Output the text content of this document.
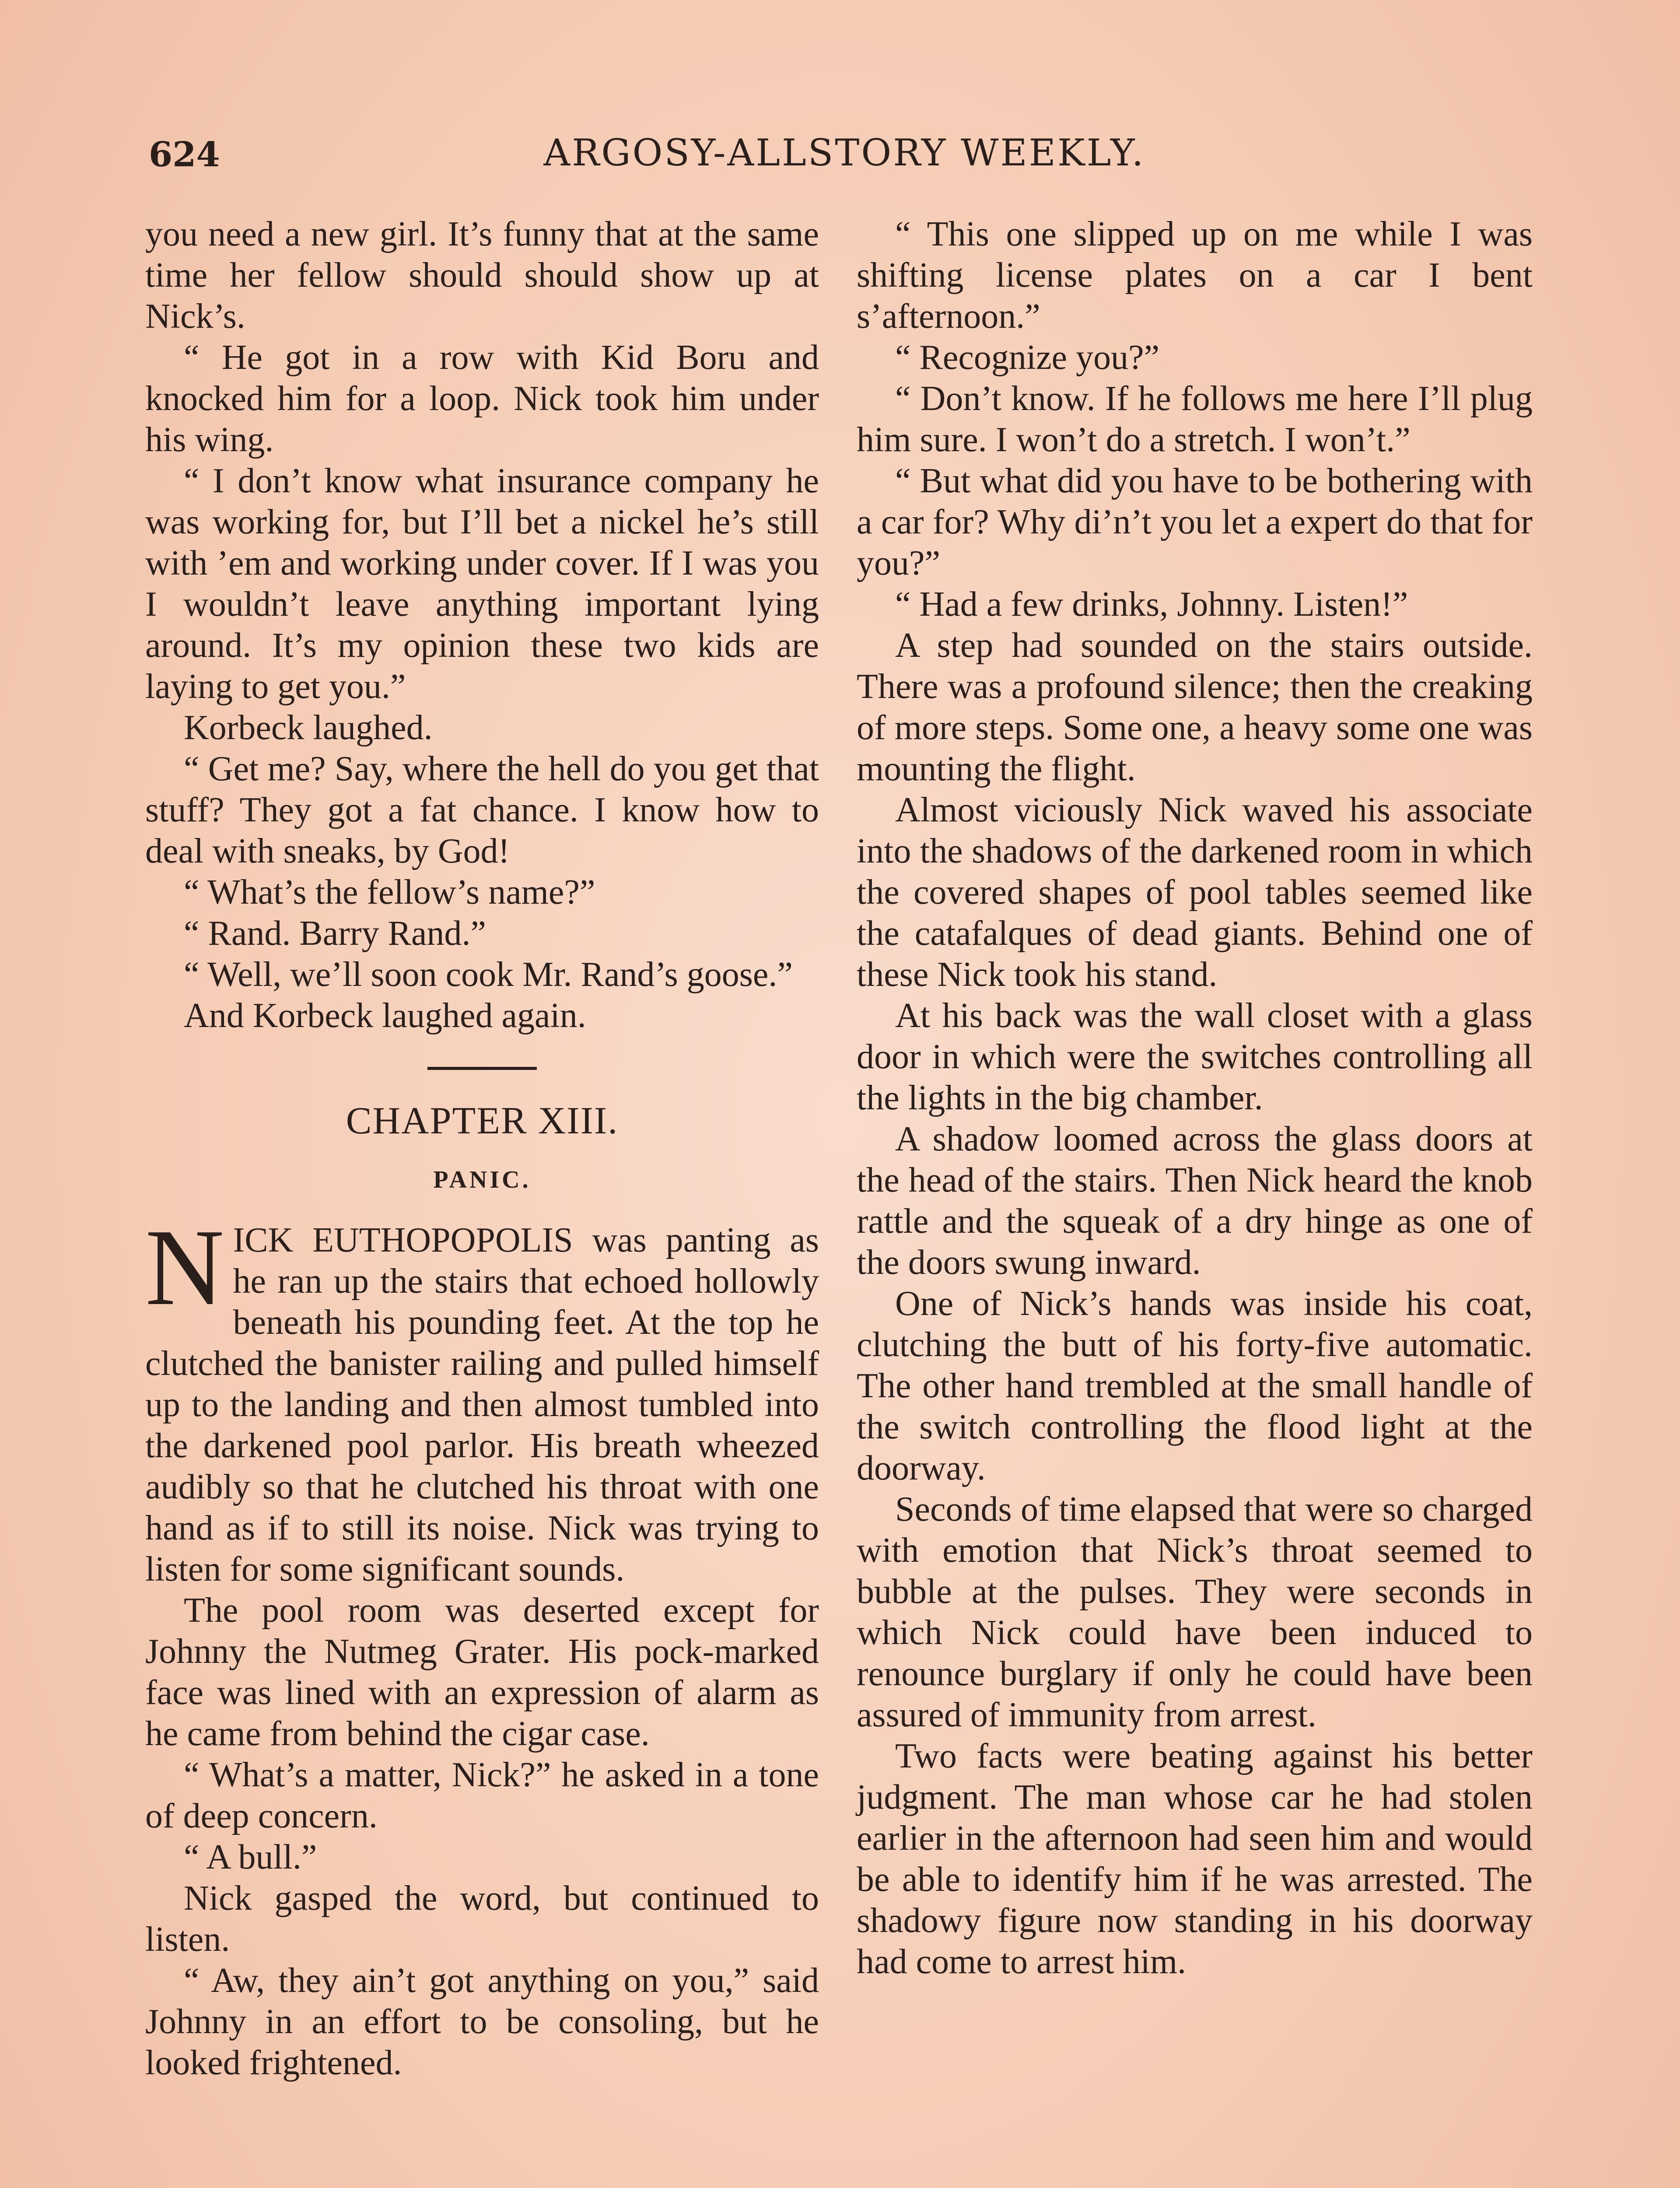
624	ARGOSY-ALLSTORY WEEKLY.

you need a new girl. It’s funny that at the same time her fellow should should show up at Nick’s.

“ He got in a row with Kid Boru and knocked him for a loop. Nick took him under his wing.

“ I don’t know what insurance company he was working for, but I’ll bet a nickel he’s still with ’em and working under cover. If I was you I wouldn’t leave anything important lying around. It’s my opinion these two kids are laying to get you.”

Korbeck laughed.

“ Get me? Say, where the hell do you get that stuff? They got a fat chance. I know how to deal with sneaks, by God!

“ What’s the fellow’s name?”

“ Rand. Barry Rand.”

“ Well, we’ll soon cook Mr. Rand’s goose.”

And Korbeck laughed again.

CHAPTER XIII.
PANIC.

NICK EUTHOPOPOLIS was panting as he ran up the stairs that echoed hollowly beneath his pounding feet. At the top he clutched the banister railing and pulled himself up to the landing and then almost tumbled into the darkened pool parlor. His breath wheezed audibly so that he clutched his throat with one hand as if to still its noise. Nick was trying to listen for some significant sounds.

The pool room was deserted except for Johnny the Nutmeg Grater. His pock-marked face was lined with an expression of alarm as he came from behind the cigar case.

“ What’s a matter, Nick?” he asked in a tone of deep concern.

“ A bull.”

Nick gasped the word, but continued to listen.

“ Aw, they ain’t got anything on you,” said Johnny in an effort to be consoling, but he looked frightened.

“ This one slipped up on me while I was shifting license plates on a car I bent s’afternoon.”

“ Recognize you?”

“ Don’t know. If he follows me here I’ll plug him sure. I won’t do a stretch. I won’t.”

“ But what did you have to be bothering with a car for? Why di’n’t you let a expert do that for you?”

“ Had a few drinks, Johnny. Listen!”

A step had sounded on the stairs outside. There was a profound silence; then the creaking of more steps. Some one, a heavy some one was mounting the flight.

Almost viciously Nick waved his associate into the shadows of the darkened room in which the covered shapes of pool tables seemed like the catafalques of dead giants. Behind one of these Nick took his stand.

At his back was the wall closet with a glass door in which were the switches controlling all the lights in the big chamber.

A shadow loomed across the glass doors at the head of the stairs. Then Nick heard the knob rattle and the squeak of a dry hinge as one of the doors swung inward.

One of Nick’s hands was inside his coat, clutching the butt of his forty-five automatic. The other hand trembled at the small handle of the switch controlling the flood light at the doorway.

Seconds of time elapsed that were so charged with emotion that Nick’s throat seemed to bubble at the pulses. They were seconds in which Nick could have been induced to renounce burglary if only he could have been assured of immunity from arrest.

Two facts were beating against his better judgment. The man whose car he had stolen earlier in the afternoon had seen him and would be able to identify him if he was arrested. The shadowy figure now standing in his doorway had come to arrest him.
